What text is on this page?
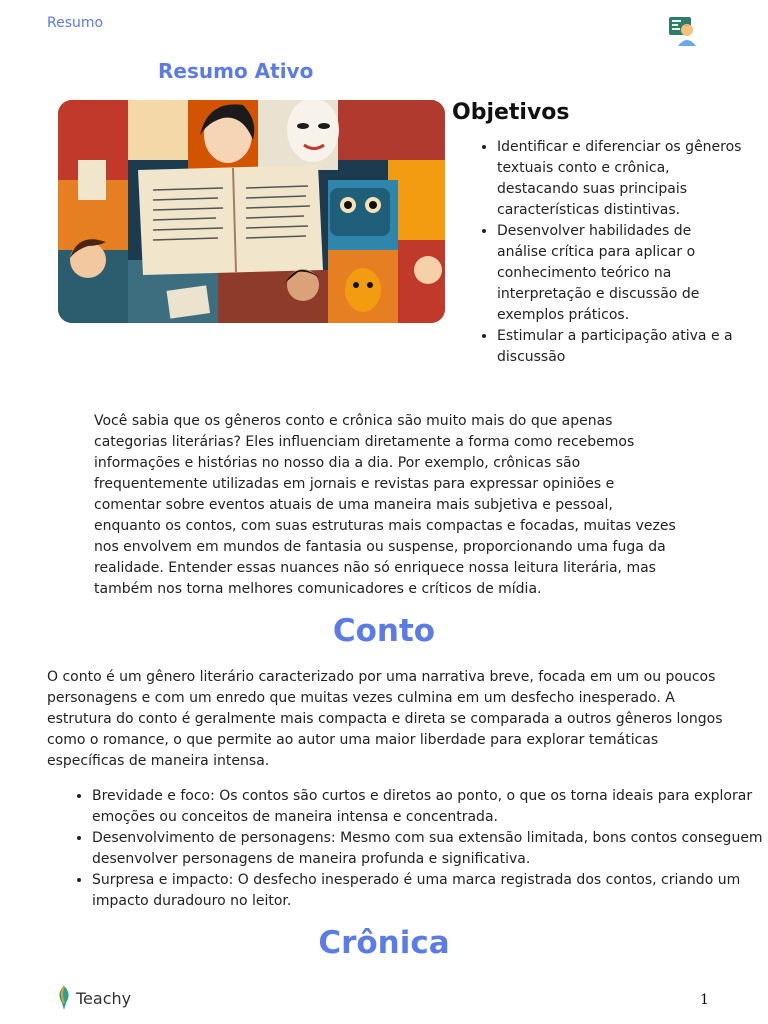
Resumo
Resumo Ativo
Objetivos
• Identificar e diferenciar os gêneros textuais conto e crônica, destacando suas principais características distintivas.
• Desenvolver habilidades de análise crítica para aplicar o conhecimento teórico na interpretação e discussão de exemplos práticos.
• Estimular a participação ativa e a discussão

Você sabia que os gêneros conto e crônica são muito mais do que apenas categorias literárias? Eles influenciam diretamente a forma como recebemos informações e histórias no nosso dia a dia. Por exemplo, crônicas são frequentemente utilizadas em jornais e revistas para expressar opiniões e comentar sobre eventos atuais de uma maneira mais subjetiva e pessoal, enquanto os contos, com suas estruturas mais compactas e focadas, muitas vezes nos envolvem em mundos de fantasia ou suspense, proporcionando uma fuga da realidade. Entender essas nuances não só enriquece nossa leitura literária, mas também nos torna melhores comunicadores e críticos de mídia.

Conto

O conto é um gênero literário caracterizado por uma narrativa breve, focada em um ou poucos personagens e com um enredo que muitas vezes culmina em um desfecho inesperado. A estrutura do conto é geralmente mais compacta e direta se comparada a outros gêneros longos como o romance, o que permite ao autor uma maior liberdade para explorar temáticas específicas de maneira intensa.

• Brevidade e foco: Os contos são curtos e diretos ao ponto, o que os torna ideais para explorar emoções ou conceitos de maneira intensa e concentrada.
• Desenvolvimento de personagens: Mesmo com sua extensão limitada, bons contos conseguem desenvolver personagens de maneira profunda e significativa.
• Surpresa e impacto: O desfecho inesperado é uma marca registrada dos contos, criando um impacto duradouro no leitor.
Crônica
Teachy	1
